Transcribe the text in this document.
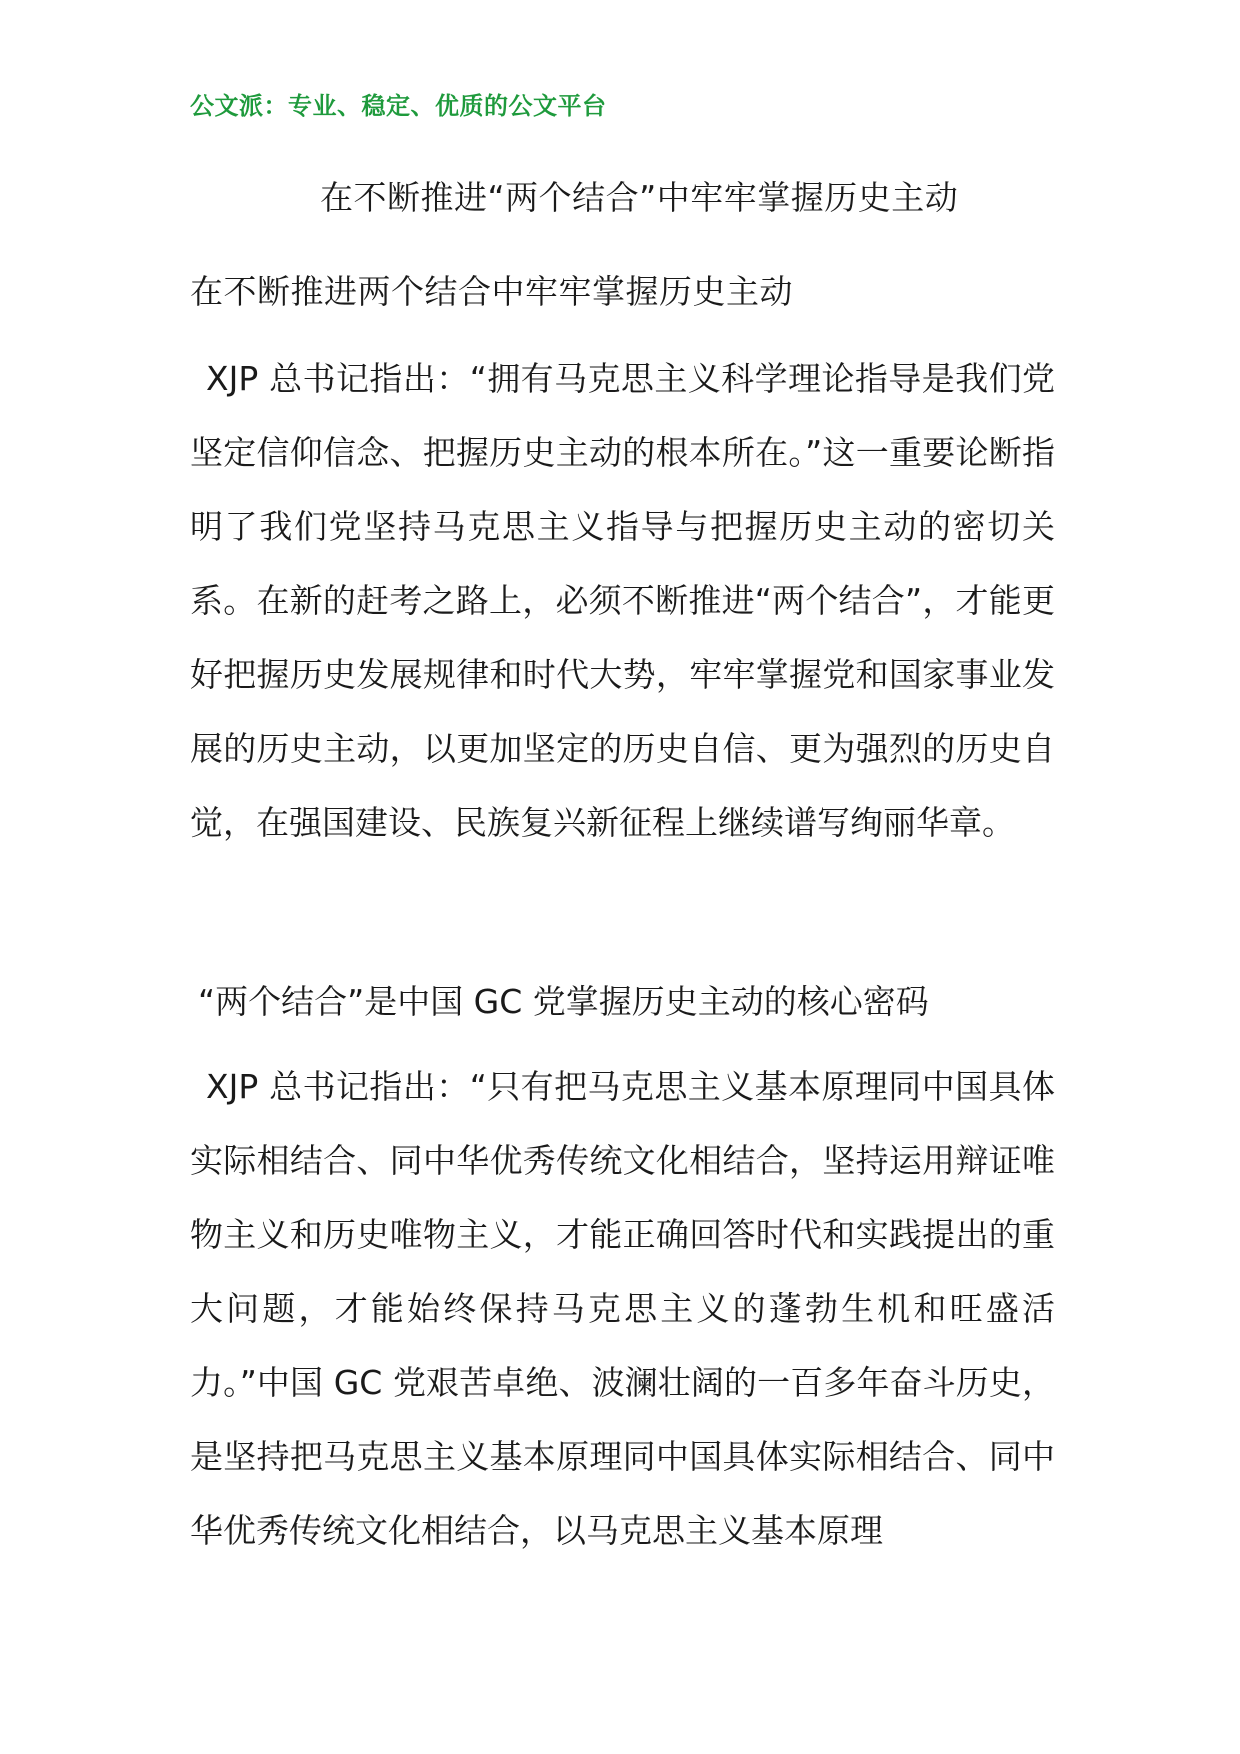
公文派：专业、稳定、优质的公文平台
在不断推进“两个结合”中牢牢掌握历史主动
在不断推进两个结合中牢牢掌握历史主动
XJP 总书记指出：“拥有马克思主义科学理论指导是我们党坚定信仰信念、把握历史主动的根本所在。”这一重要论断指明了我们党坚持马克思主义指导与把握历史主动的密切关系。在新的赶考之路上，必须不断推进“两个结合”，才能更好把握历史发展规律和时代大势，牢牢掌握党和国家事业发展的历史主动，以更加坚定的历史自信、更为强烈的历史自觉，在强国建设、民族复兴新征程上继续谱写绚丽华章。
“两个结合”是中国 GC 党掌握历史主动的核心密码
XJP 总书记指出：“只有把马克思主义基本原理同中国具体实际相结合、同中华优秀传统文化相结合，坚持运用辩证唯物主义和历史唯物主义，才能正确回答时代和实践提出的重大问题，才能始终保持马克思主义的蓬勃生机和旺盛活力。”中国 GC 党艰苦卓绝、波澜壮阔的一百多年奋斗历史，是坚持把马克思主义基本原理同中国具体实际相结合、同中华优秀传统文化相结合，以马克思主义基本原理
